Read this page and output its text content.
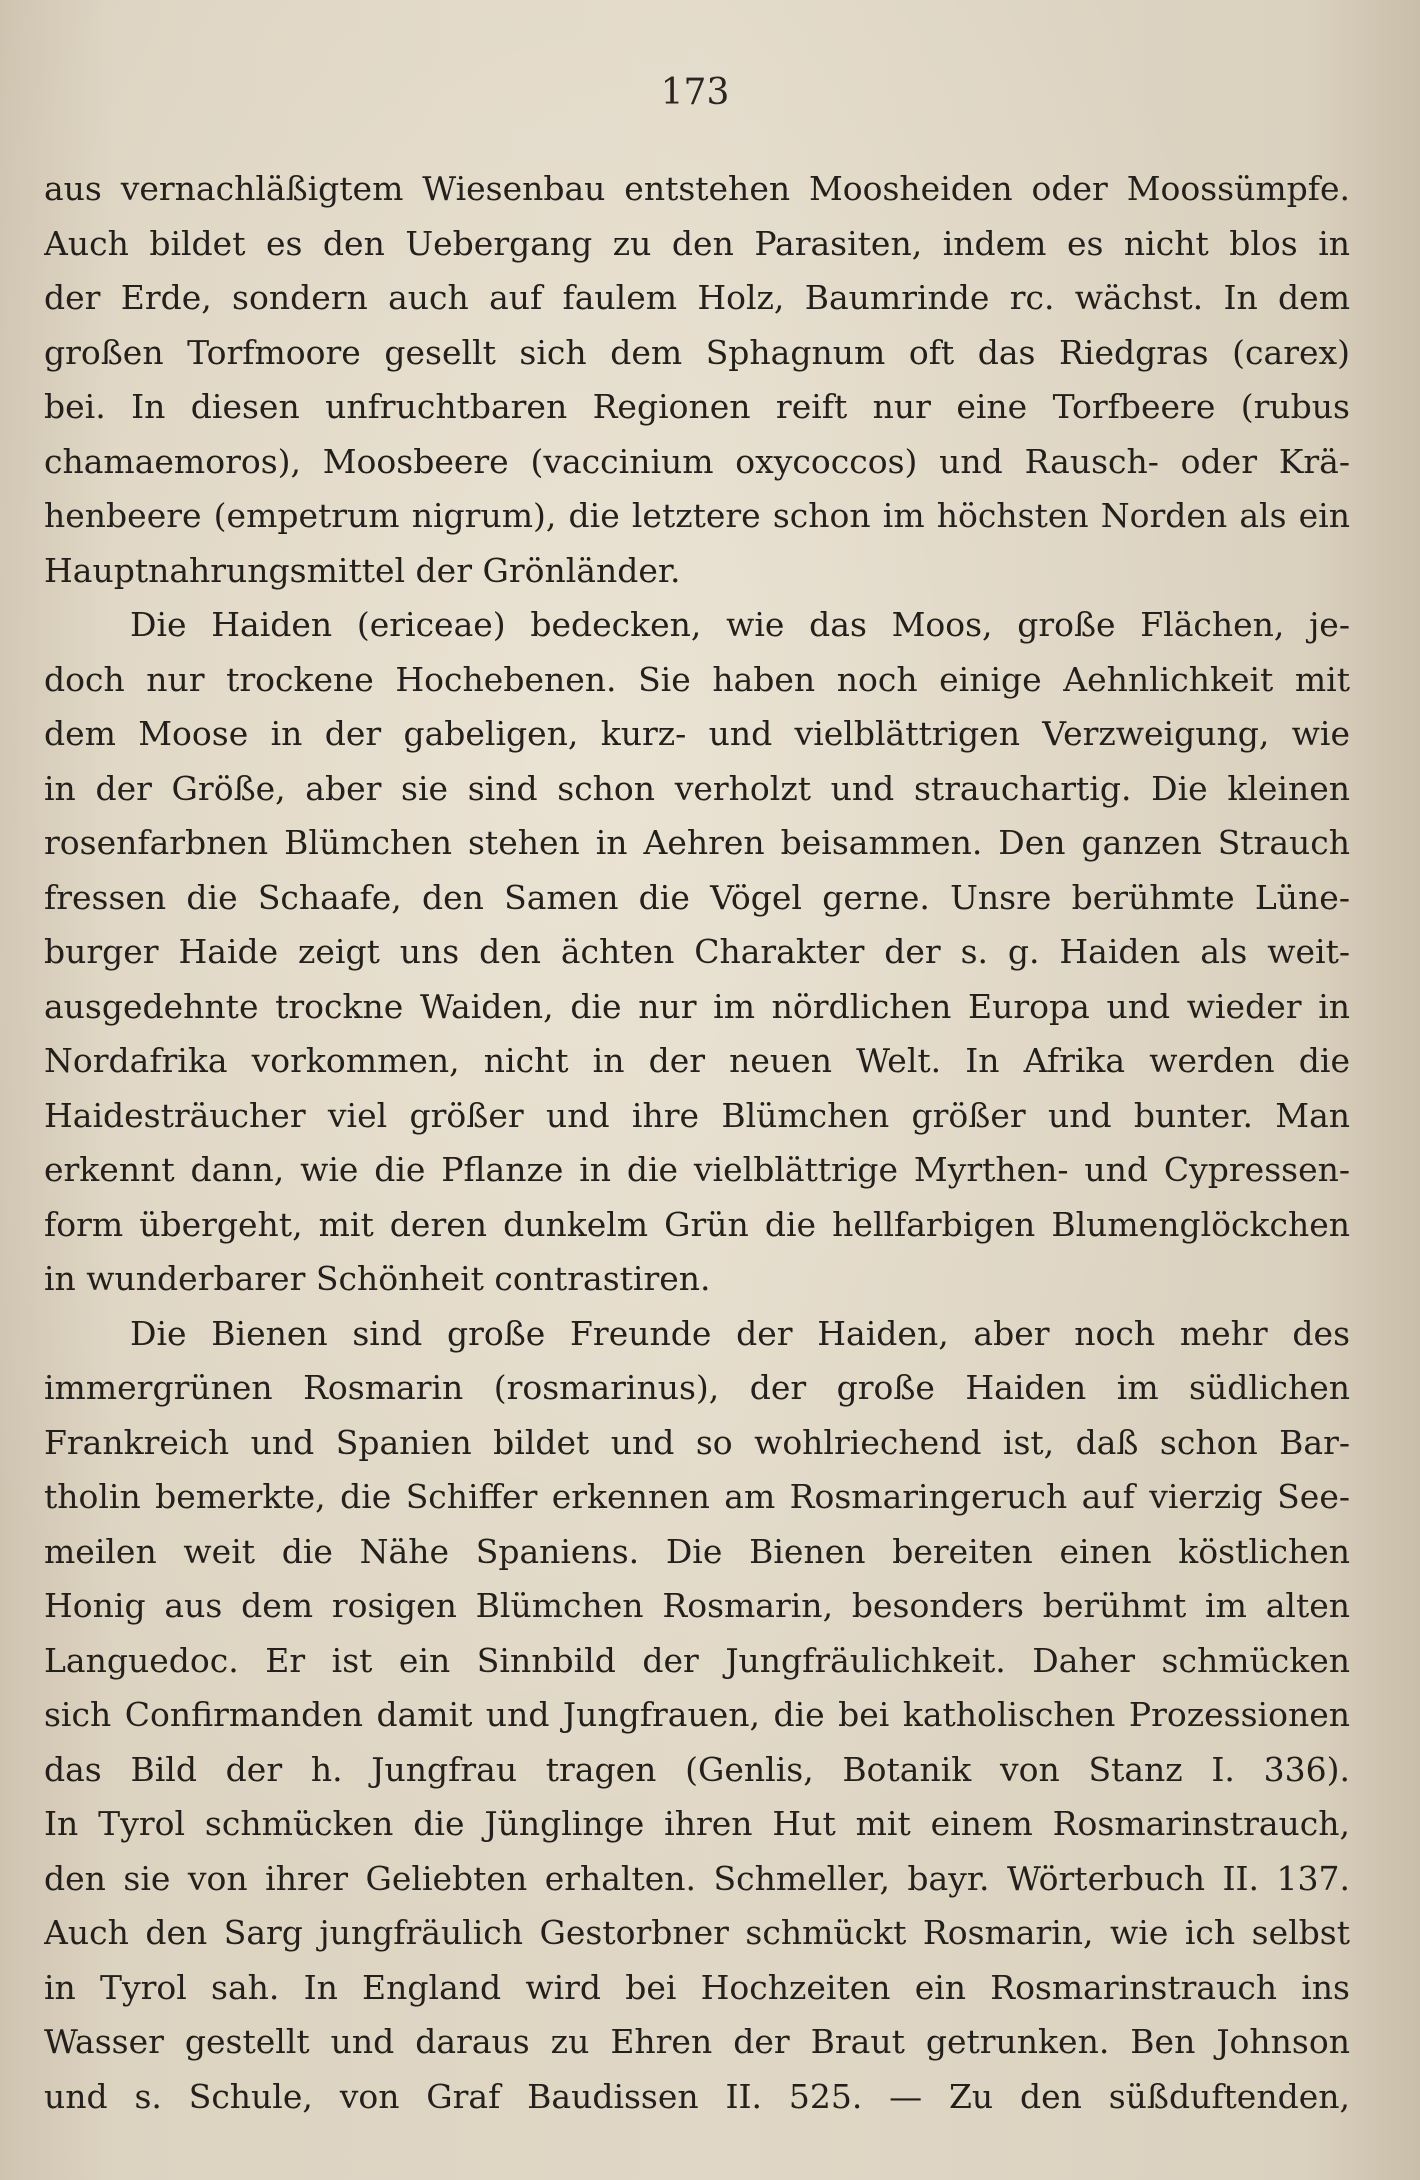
173
aus vernachläßigtem Wiesenbau entstehen Moosheiden oder Moossümpfe.
Auch bildet es den Uebergang zu den Parasiten, indem es nicht blos in
der Erde, sondern auch auf faulem Holz, Baumrinde rc. wächst. In dem
großen Torfmoore gesellt sich dem Sphagnum oft das Riedgras (carex)
bei. In diesen unfruchtbaren Regionen reift nur eine Torfbeere (rubus
chamaemoros), Moosbeere (vaccinium oxycoccos) und Rausch- oder Krä-
henbeere (empetrum nigrum), die letztere schon im höchsten Norden als ein
Hauptnahrungsmittel der Grönländer.
Die Haiden (ericeae) bedecken, wie das Moos, große Flächen, je-
doch nur trockene Hochebenen. Sie haben noch einige Aehnlichkeit mit
dem Moose in der gabeligen, kurz- und vielblättrigen Verzweigung, wie
in der Größe, aber sie sind schon verholzt und strauchartig. Die kleinen
rosenfarbnen Blümchen stehen in Aehren beisammen. Den ganzen Strauch
fressen die Schaafe, den Samen die Vögel gerne. Unsre berühmte Lüne-
burger Haide zeigt uns den ächten Charakter der s. g. Haiden als weit-
ausgedehnte trockne Waiden, die nur im nördlichen Europa und wieder in
Nordafrika vorkommen, nicht in der neuen Welt. In Afrika werden die
Haidesträucher viel größer und ihre Blümchen größer und bunter. Man
erkennt dann, wie die Pflanze in die vielblättrige Myrthen- und Cypressen-
form übergeht, mit deren dunkelm Grün die hellfarbigen Blumenglöckchen
in wunderbarer Schönheit contrastiren.
Die Bienen sind große Freunde der Haiden, aber noch mehr des
immergrünen Rosmarin (rosmarinus), der große Haiden im südlichen
Frankreich und Spanien bildet und so wohlriechend ist, daß schon Bar-
tholin bemerkte, die Schiffer erkennen am Rosmaringeruch auf vierzig See-
meilen weit die Nähe Spaniens. Die Bienen bereiten einen köstlichen
Honig aus dem rosigen Blümchen Rosmarin, besonders berühmt im alten
Languedoc. Er ist ein Sinnbild der Jungfräulichkeit. Daher schmücken
sich Confirmanden damit und Jungfrauen, die bei katholischen Prozessionen
das Bild der h. Jungfrau tragen (Genlis, Botanik von Stanz I. 336).
In Tyrol schmücken die Jünglinge ihren Hut mit einem Rosmarinstrauch,
den sie von ihrer Geliebten erhalten. Schmeller, bayr. Wörterbuch II. 137.
Auch den Sarg jungfräulich Gestorbner schmückt Rosmarin, wie ich selbst
in Tyrol sah. In England wird bei Hochzeiten ein Rosmarinstrauch ins
Wasser gestellt und daraus zu Ehren der Braut getrunken. Ben Johnson
und s. Schule, von Graf Baudissen II. 525. — Zu den süßduftenden,
